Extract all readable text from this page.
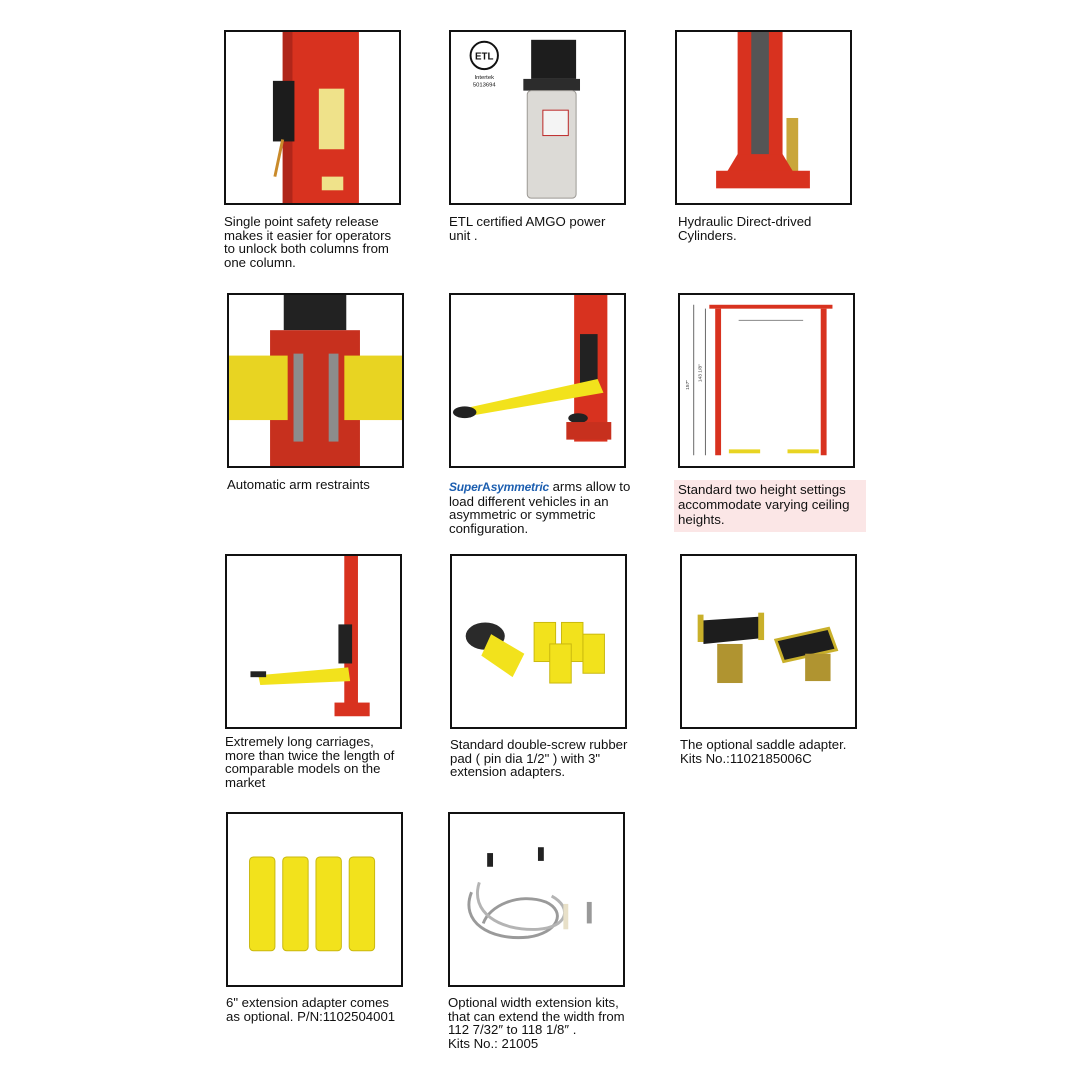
Single point safety release
makes it easier for operators
to unlock both columns from
one column.
ETL
Intertek
5013694
ETL certified AMGO power
unit .
Hydraulic Direct-drived
Cylinders.
Automatic arm restraints	SuperAsymmetric arms allow to
load different vehicles in an
asymmetric or symmetric
configuration.
157"
143 1/8"
Standard two height settings
accommodate varying ceiling
heights.
Extremely long carriages,
more than twice the length of
comparable models on the
market
Standard double-screw rubber
pad ( pin dia 1/2" ) with 3"
extension adapters.
The optional saddle adapter.
Kits No.:1102185006C
6" extension adapter comes
as optional. P/N:1102504001
Optional width extension kits,
that can extend the width from
112 7/32″ to 118 1/8″ .
Kits No.: 21005
